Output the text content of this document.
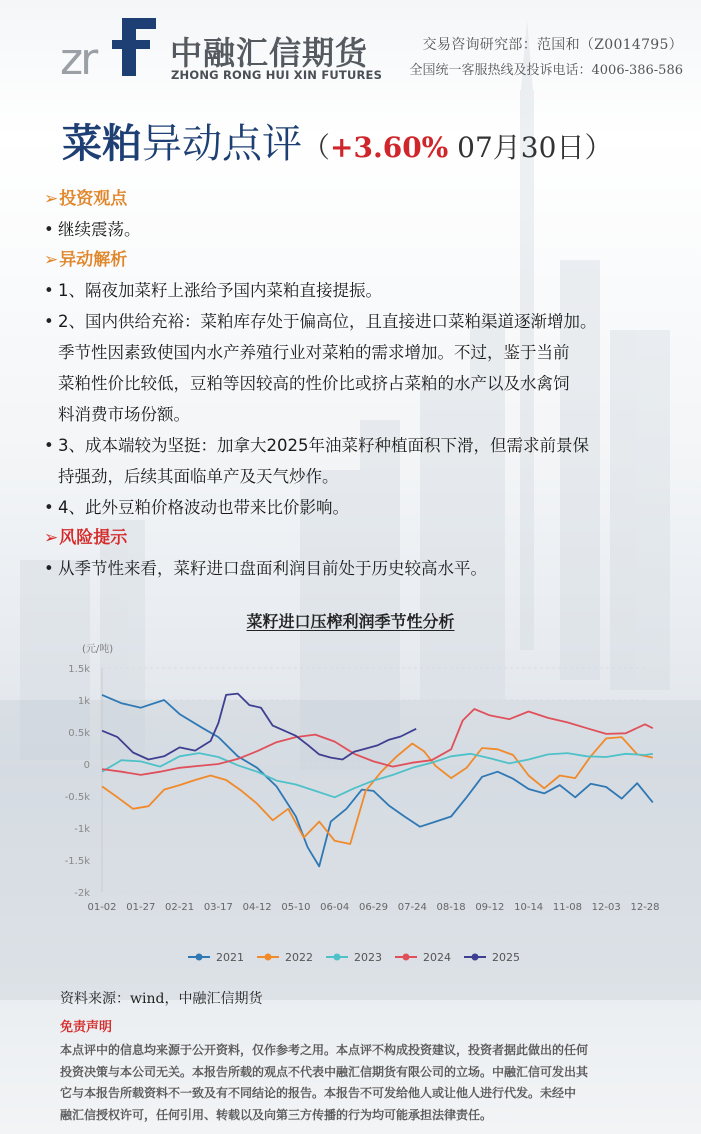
zr 中融汇信期货
ZHONG RONG HUI XIN FUTURES
交易咨询研究部：范国和（Z0014795）
全国统一客服热线及投诉电话：4006-386-586
菜粕异动点评（+3.60% 07月30日）
➢投资观点
• 继续震荡。
➢异动解析
• 1、隔夜加菜籽上涨给予国内菜粕直接提振。
• 2、国内供给充裕：菜粕库存处于偏高位，且直接进口菜粕渠道逐渐增加。
季节性因素致使国内水产养殖行业对菜粕的需求增加。不过，鉴于当前
菜粕性价比较低，豆粕等因较高的性价比或挤占菜粕的水产以及水禽饲
料消费市场份额。
• 3、成本端较为坚挺：加拿大2025年油菜籽种植面积下滑，但需求前景保
持强劲，后续其面临单产及天气炒作。
• 4、此外豆粕价格波动也带来比价影响。
➢风险提示
• 从季节性来看，菜籽进口盘面利润目前处于历史较高水平。
菜籽进口压榨利润季节性分析
(元/吨)
1.5k
1k
0.5k
0
-0.5k
-1k
-1.5k
-2k
01-02 01-27 02-21 03-17 04-12 05-10 06-04 06-29 07-24 08-18 09-12 10-14 11-08 12-03 12-28
2021	2022	2023	2024	2025
资料来源：wind，中融汇信期货
免责声明
本点评中的信息均来源于公开资料，仅作参考之用。本点评不构成投资建议，投资者据此做出的任何
投资决策与本公司无关。本报告所载的观点不代表中融汇信期货有限公司的立场。中融汇信可发出其
它与本报告所载资料不一致及有不同结论的报告。本报告不可发给他人或让他人进行代发。未经中
融汇信授权许可，任何引用、转载以及向第三方传播的行为均可能承担法律责任。
